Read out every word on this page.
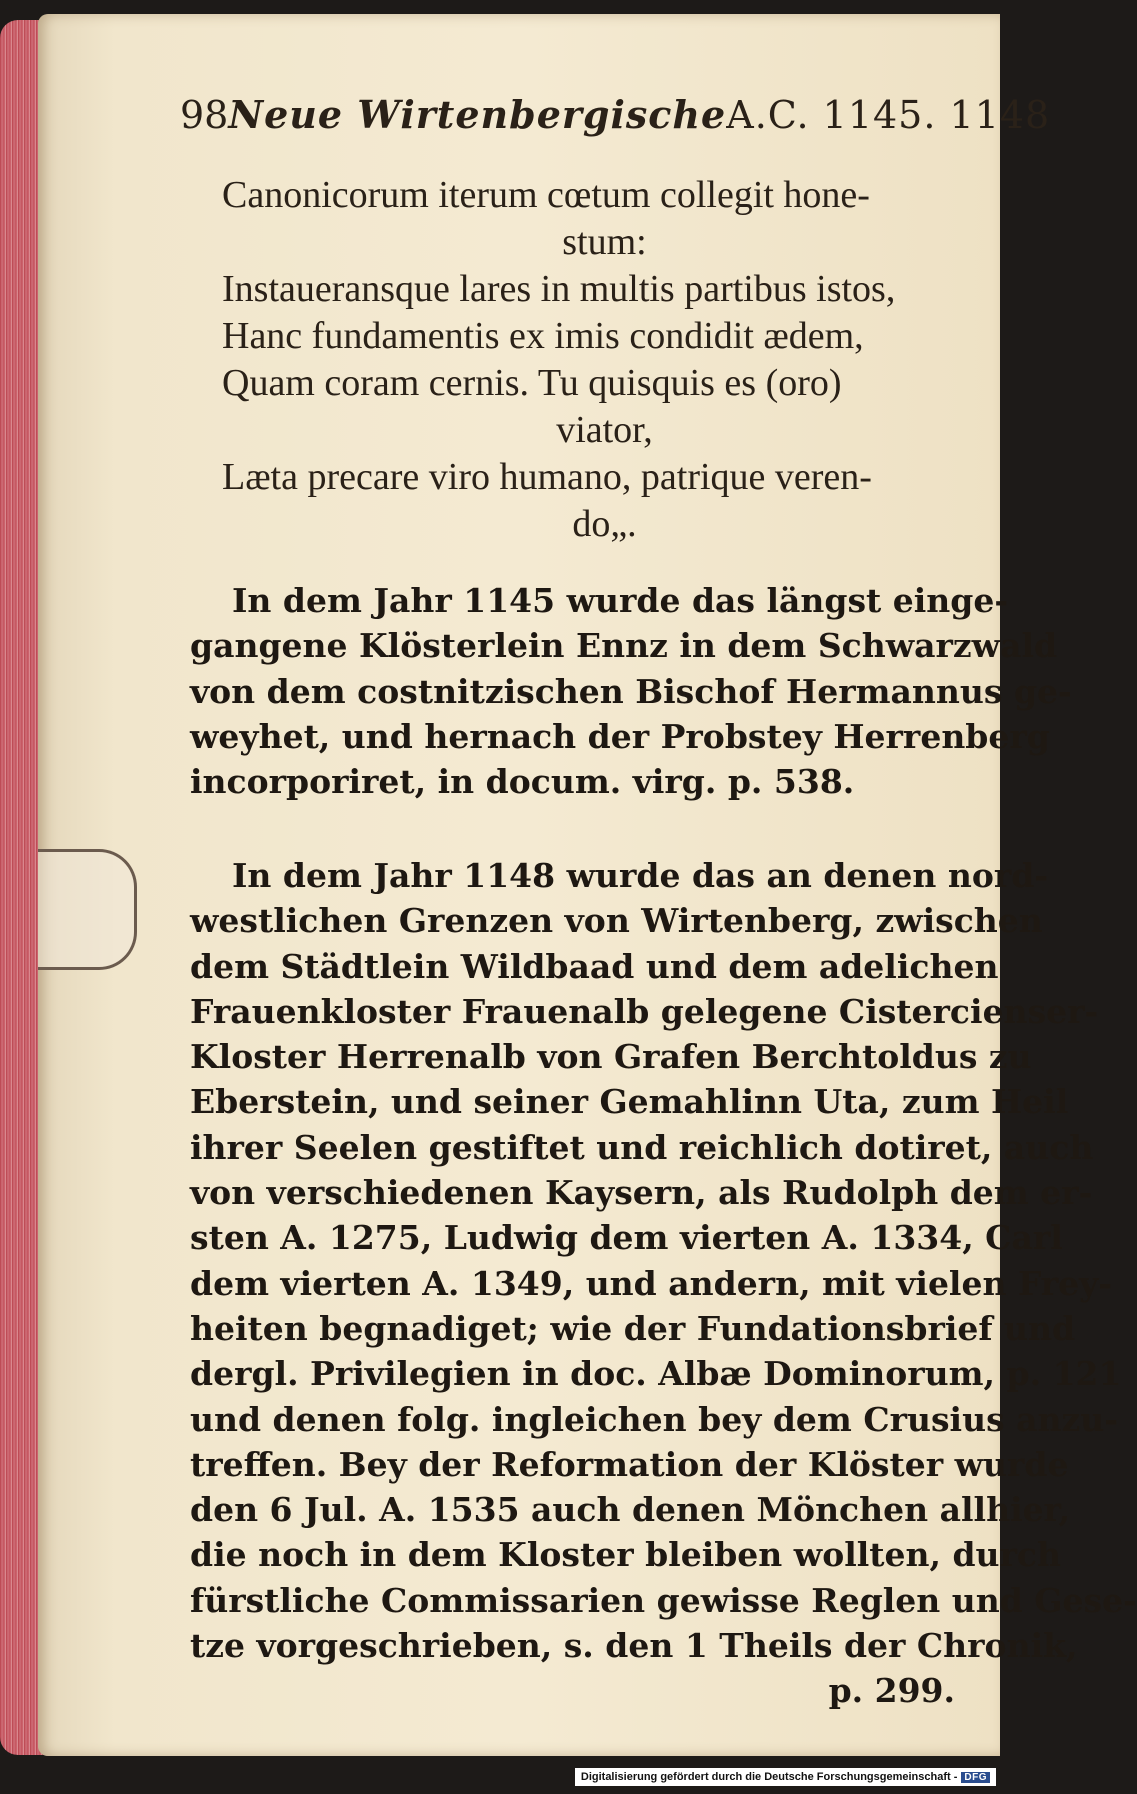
98 Neue Wirtenbergische A.C. 1145. 1148
Canonicorum iterum cœtum collegit hone-
stum:
Instaueransque lares in multis partibus istos,
Hanc fundamentis ex imis condidit ædem,
Quam coram cernis. Tu quisquis es (oro)
viator,
Læta precare viro humano, patrique veren-
do„.
In dem Jahr 1145 wurde das längst einge-
gangene Klösterlein Ennz in dem Schwarzwald
von dem costnitzischen Bischof Hermannus ge-
weyhet, und hernach der Probstey Herrenberg
incorporiret, in docum. virg. p. 538.
In dem Jahr 1148 wurde das an denen nord-
westlichen Grenzen von Wirtenberg, zwischen
dem Städtlein Wildbaad und dem adelichen
Frauenkloster Frauenalb gelegene Cistercienser-
Kloster Herrenalb von Grafen Berchtoldus zu
Eberstein, und seiner Gemahlinn Uta, zum Heil
ihrer Seelen gestiftet und reichlich dotiret, auch
von verschiedenen Kaysern, als Rudolph dem er-
sten A. 1275, Ludwig dem vierten A. 1334, Carl
dem vierten A. 1349, und andern, mit vielen Frey-
heiten begnadiget; wie der Fundationsbrief und
dergl. Privilegien in doc. Albæ Dominorum, p. 121
und denen folg. ingleichen bey dem Crusius anzu-
treffen. Bey der Reformation der Klöster wurde
den 6 Jul. A. 1535 auch denen Mönchen allhier,
die noch in dem Kloster bleiben wollten, durch
fürstliche Commissarien gewisse Reglen und Gese-
tze vorgeschrieben, s. den 1 Theils der Chronik,
p. 299.
Digitalisierung gefördert durch die Deutsche Forschungsgemeinschaft - DFG
